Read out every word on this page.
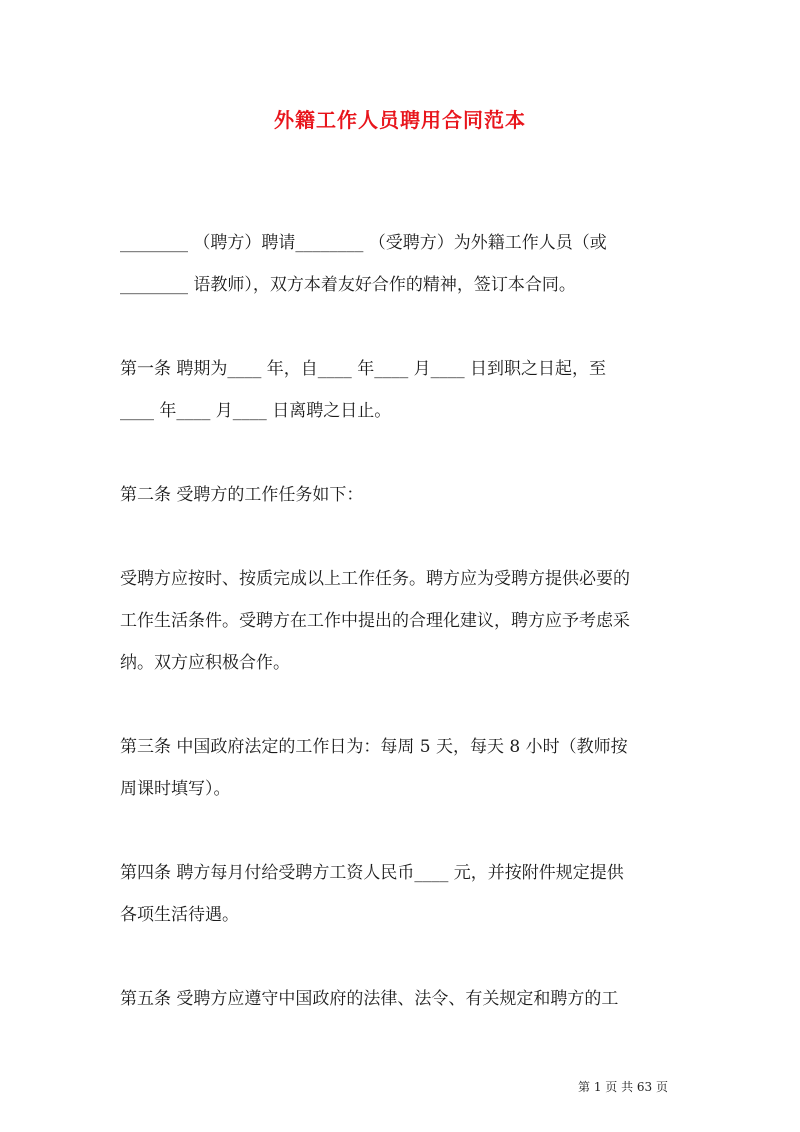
外籍工作人员聘用合同范本
________ （聘方）聘请________ （受聘方）为外籍工作人员（或
________ 语教师），双方本着友好合作的精神，签订本合同。
第一条 聘期为____ 年，自____ 年____ 月____ 日到职之日起，至
____ 年____ 月____ 日离聘之日止。
第二条 受聘方的工作任务如下：
受聘方应按时、按质完成以上工作任务。聘方应为受聘方提供必要的
工作生活条件。受聘方在工作中提出的合理化建议，聘方应予考虑采
纳。双方应积极合作。
第三条 中国政府法定的工作日为：每周 5 天，每天 8 小时（教师按
周课时填写）。
第四条 聘方每月付给受聘方工资人民币____ 元，并按附件规定提供
各项生活待遇。
第五条 受聘方应遵守中国政府的法律、法令、有关规定和聘方的工
第 1 页 共 63 页
